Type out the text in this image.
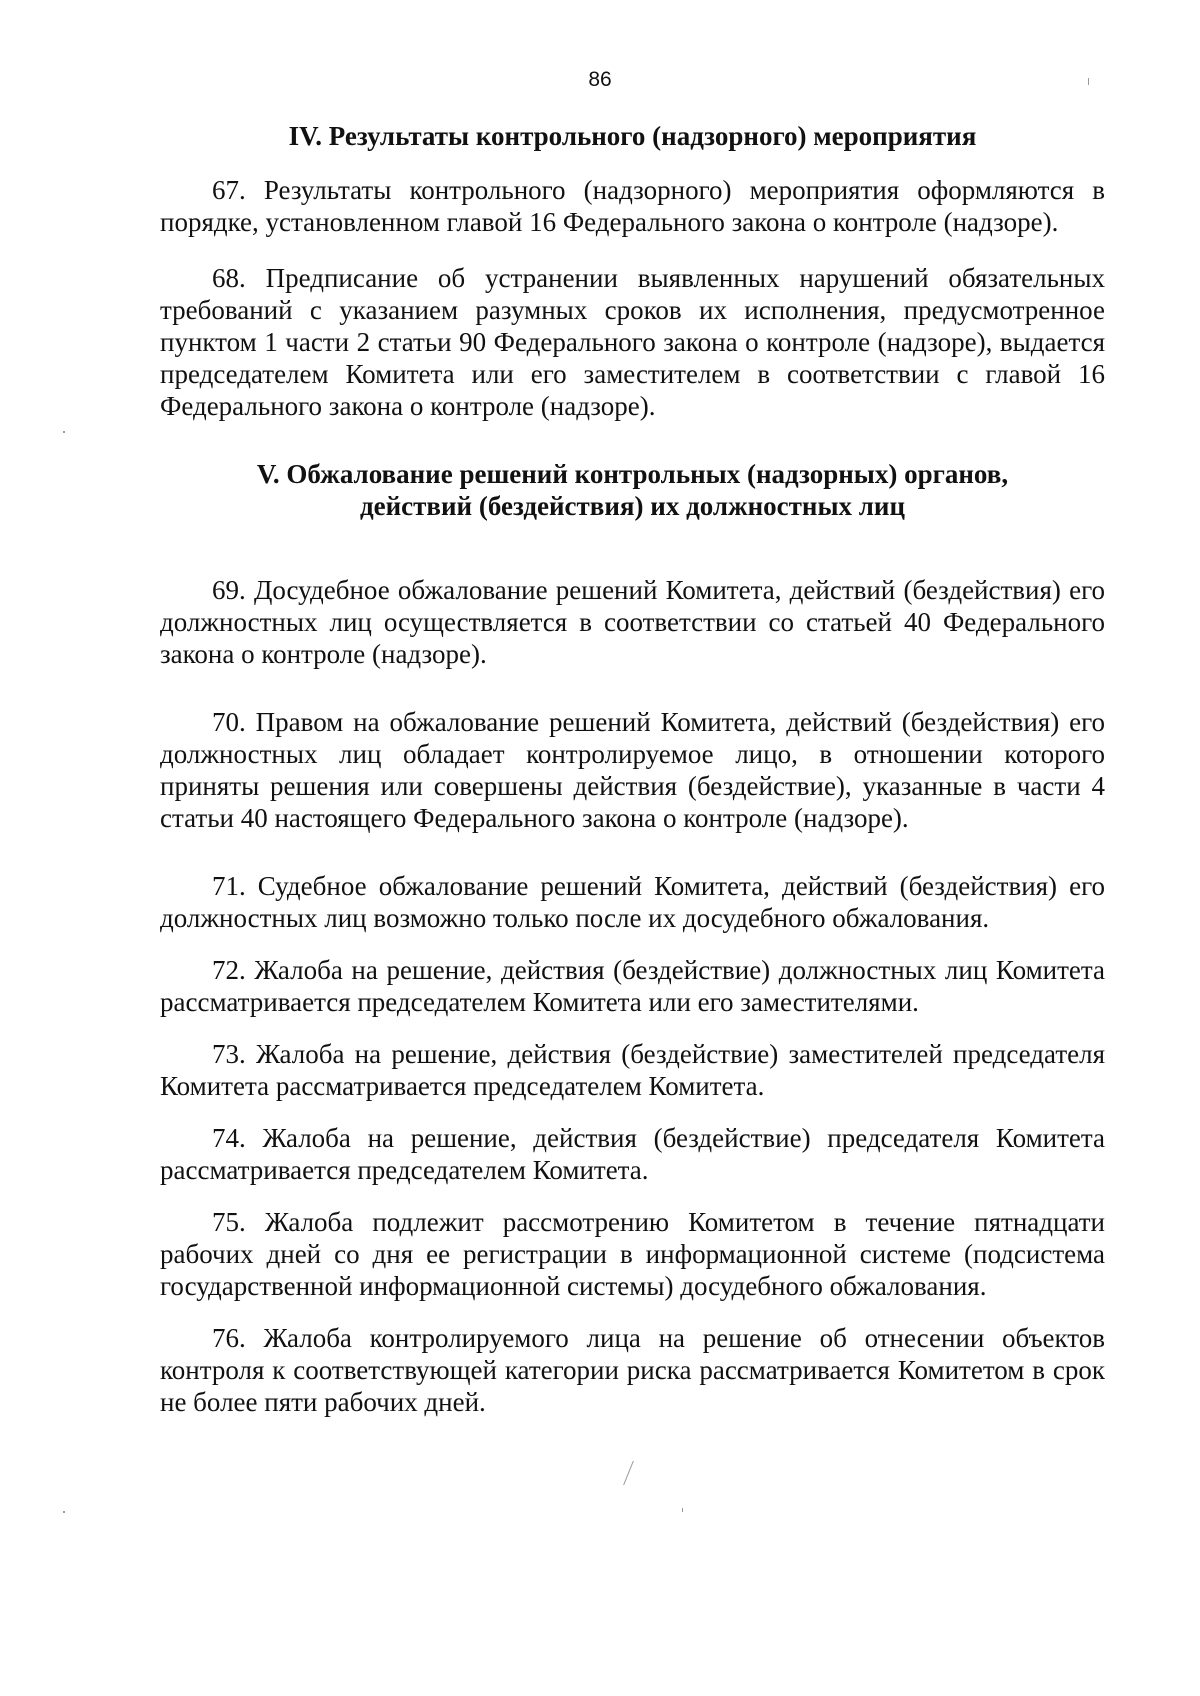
86
IV. Результаты контрольного (надзорного) мероприятия

67. Результаты контрольного (надзорного) мероприятия оформляются в порядке, установленном главой 16 Федерального закона о контроле (надзоре).

68. Предписание об устранении выявленных нарушений обязательных требований с указанием разумных сроков их исполнения, предусмотренное пунктом 1 части 2 статьи 90 Федерального закона о контроле (надзоре), выдается председателем Комитета или его заместителем в соответствии с главой 16 Федерального закона о контроле (надзоре).

V. Обжалование решений контрольных (надзорных) органов,
действий (бездействия) их должностных лиц

69. Досудебное обжалование решений Комитета, действий (бездействия) его должностных лиц осуществляется в соответствии со статьей 40 Федерального закона о контроле (надзоре).

70. Правом на обжалование решений Комитета, действий (бездействия) его должностных лиц обладает контролируемое лицо, в отношении которого приняты решения или совершены действия (бездействие), указанные в части 4 статьи 40 настоящего Федерального закона о контроле (надзоре).

71. Судебное обжалование решений Комитета, действий (бездействия) его должностных лиц возможно только после их досудебного обжалования.

72. Жалоба на решение, действия (бездействие) должностных лиц Комитета рассматривается председателем Комитета или его заместителями.

73. Жалоба на решение, действия (бездействие) заместителей председателя Комитета рассматривается председателем Комитета.

74. Жалоба на решение, действия (бездействие) председателя Комитета рассматривается председателем Комитета.

75. Жалоба подлежит рассмотрению Комитетом в течение пятнадцати рабочих дней со дня ее регистрации в информационной системе (подсистема государственной информационной системы) досудебного обжалования.

76. Жалоба контролируемого лица на решение об отнесении объектов контроля к соответствующей категории риска рассматривается Комитетом в срок не более пяти рабочих дней.
